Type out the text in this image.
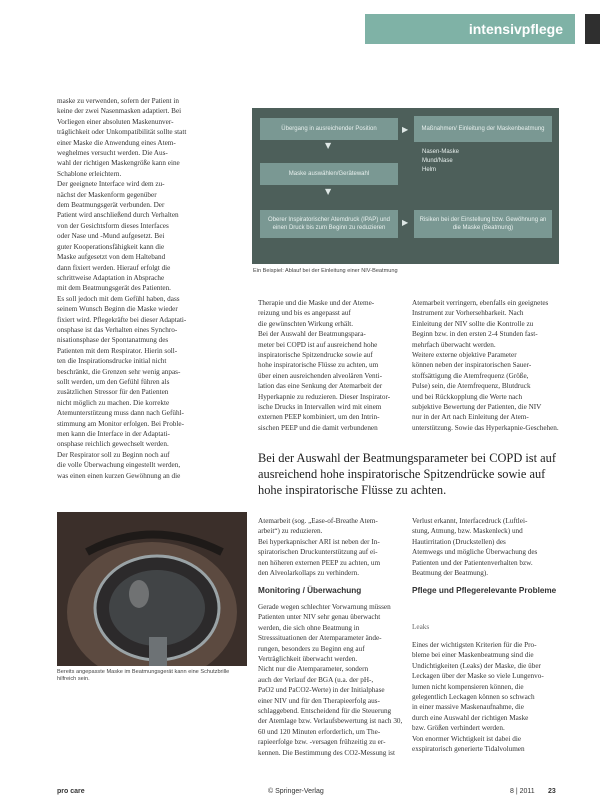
intensivpflege
maske zu verwenden, sofern der Patient in
keine der zwei Nasenmasken adaptiert. Bei
Vorliegen einer absoluten Maskenunver-
träglichkeit oder Unkompatibilität sollte statt
einer Maske die Anwendung eines Atem-
weghelmes versucht werden. Die Aus-
wahl der richtigen Maskengröße kann eine
Schablone erleichtern.
Der geeignete Interface wird dem zu-
nächst der Maskenform gegenüber
dem Beatmungsgerät verbunden. Der
Patient wird anschließend durch Verhalten
von der Gesichtsform dieses Interfaces
oder Nase und -Mund aufgesetzt. Bei
guter Kooperationsfähigkeit kann die
Maske aufgesetzt von dem Halteband
dann fixiert werden. Hierauf erfolgt die
schrittweise Adaptation in Absprache
mit dem Beatmungsgerät des Patienten.
Es soll jedoch mit dem Gefühl haben, dass
seinem Wunsch Beginn die Maske wieder
fixiert wird. Pflegekräfte bei dieser Adaptati-
onsphase ist das Verhalten eines Synchro-
nisationsphase der Spontanatmung des
Patienten mit dem Respirator. Hierin soll-
ten die Inspirationsdrucke initial nicht
beschränkt, die Grenzen sehr wenig anpas-
sollt werden, um den Gefühl führen als
zusätzlichen Stressor für den Patienten
nicht möglich zu machen. Die korrekte
Atemunterstützung muss dann nach Gefühl-
stimmung am Monitor erfolgen. Bei Proble-
men kann die Interface in der Adaptati-
onsphase reichlich gewechselt werden.
Der Respirator soll zu Beginn noch auf
die volle Überwachung eingestellt werden,
was einen einen kurzen Gewöhnung an die
Übergang in ausreichender Position
▼
Maske auswählen/Gerätewahl
▼
Oberer Inspiratorischer Atemdruck (IPAP) und einen Druck bis zum Beginn zu reduzieren
▶
▶ Maßnahmen/ Einleitung der Maskenbeatmung
Nasen-Maske
Mund/Nase
Helm
Risiken bei der Einstellung bzw. Gewöhnung an die Maske (Beatmung)
Ein Beispiel: Ablauf bei der Einleitung einer NIV-Beatmung
Therapie und die Maske und der Ateme-
reizung und bis es angepasst auf
die gewünschten Wirkung erhält.
Bei der Auswahl der Beatmungspara-
meter bei COPD ist auf ausreichend hohe
inspiratorische Spitzendrucke sowie auf
hohe inspiratorische Flüsse zu achten, um
über einen ausreichenden alveolären Venti-
lation das eine Senkung der Atemarbeit der
Hyperkapnie zu reduzieren. Dieser Inspirator-
ische Drucks in Intervallen wird mit einem
externen PEEP kombiniert, um den Intrin-
sischen PEEP und die damit verbundenen
Atemarbeit verringern, ebenfalls ein geeignetes
Instrument zur Vorhersehbarkeit. Nach
Einleitung der NIV sollte die Kontrolle zu
Beginn bzw. in den ersten 2-4 Stunden fast-
mehrfach überwacht werden.
Weitere externe objektive Parameter
können neben der inspiratorischen Sauer-
stoffsättigung die Atemfrequenz (Größe,
Pulse) sein, die Atemfrequenz, Blutdruck
und bei Rückkopplung die Werte nach
subjektive Bewertung der Patienten, die NIV
nur in der Art nach Einleitung der Atem-
unterstützung. Sowie das Hyperkapnie-Geschehen.
Bei der Auswahl der Beatmungsparameter bei COPD ist auf ausreichend hohe inspiratorische Spitzendrücke sowie auf hohe inspiratorische Flüsse zu achten.
Bereits angepasste Maske im Beatmungsgerät kann eine Schutzbrille hilfreich sein.
Atemarbeit (sog. „Ease-of-Breathe Atem-
arbeit“) zu reduzieren.
Bei hyperkapnischer ARI ist neben der In-
spiratorischen Druckunterstützung auf ei-
nen höheren externen PEEP zu achten, um
den Alveolarkollaps zu verhindern.
Monitoring / Überwachung
Gerade wegen schlechter Vorwarnung müssen
Patienten unter NIV sehr genau überwacht
werden, die sich ohne Beatmung in
Stresssituationen der Atemparameter ände-
rungen, besonders zu Beginn eng auf
Verträglichkeit überwacht werden.
Nicht nur die Atemparameter, sondern
auch der Verlauf der BGA (u.a. der pH-,
PaO2 und PaCO2-Werte) in der Initialphase
einer NIV und für den Therapieerfolg aus-
schlaggebend. Entscheidend für die Steuerung
der Atemlage bzw. Verlaufsbewertung ist nach 30,
60 und 120 Minuten erforderlich, um The-
rapieerfolge bzw. -versagen frühzeitig zu er-
kennen. Die Bestimmung des CO2-Messung ist
Verlust erkannt, Interfacedruck (Luftlei-
stung, Atmung, bzw. Maskenleck) und
Hautirritation (Druckstellen) des
Atemwegs und mögliche Überwachung des
Patienten und der Patientenverhalten bzw.
Beatmung der Beatmung).
Pflege und Pflegerelevante Probleme
Leaks
Eines der wichtigsten Kriterien für die Pro-
bleme bei einer Maskenbeatmung sind die
Undichtigkeiten (Leaks) der Maske, die über
Leckagen über der Maske so viele Lungenvo-
lumen nicht kompensieren können, die
gelegentlich Leckagen können so schwach
in einer massive Maskenaufnahme, die
durch eine Auswahl der richtigen Maske
bzw. Größen verhindert werden.
Von enormer Wichtigkeit ist dabei die
exspiratorisch generierte Tidalvolumen
pro care	© Springer-Verlag	8 | 2011 23
